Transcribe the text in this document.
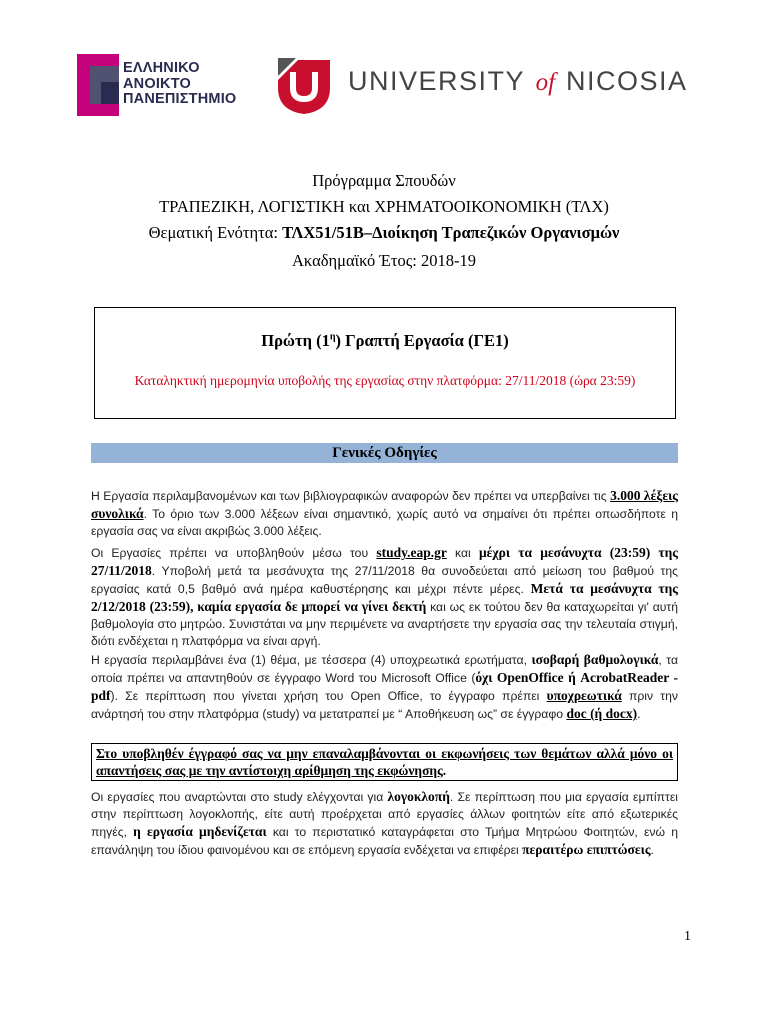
ΕΛΛΗΝΙΚΟ
ΑΝΟΙΚΤΟ
ΠΑΝΕΠΙΣΤΗΜΙΟ
UNIVERSITY of NICOSIA
Πρόγραμμα Σπουδών
ΤΡΑΠΕΖΙΚΗ, ΛΟΓΙΣΤΙΚΗ και ΧΡΗΜΑΤΟΟΙΚΟΝΟΜΙΚΗ (ΤΛΧ)
Θεματική Ενότητα: ΤΛΧ51/51Β–Διοίκηση Τραπεζικών Οργανισμών
Ακαδημαϊκό Έτος: 2018-19
Πρώτη $(1^\eta)$ Γραπτή Εργασία (ΓΕ1)
Καταληκτική ημερομηνία υποβολής της εργασίας στην πλατφόρμα: 27/11/2018 (ώρα 23:59)
Γενικές Οδηγίες
Η Εργασία περιλαμβανομένων και των βιβλιογραφικών αναφορών δεν πρέπει να υπερβαίνει τις 3.000 λέξεις συνολικά. Το όριο των 3.000 λέξεων είναι σημαντικό, χωρίς αυτό να σημαίνει ότι πρέπει οπωσδήποτε η εργασία σας να είναι ακριβώς 3.000 λέξεις.
Οι Εργασίες πρέπει να υποβληθούν μέσω του study.eap.gr και μέχρι τα μεσάνυχτα (23:59) της 27/11/2018. Υποβολή μετά τα μεσάνυχτα της 27/11/2018 θα συνοδεύεται από μείωση του βαθμού της εργασίας κατά 0,5 βαθμό ανά ημέρα καθυστέρησης και μέχρι πέντε μέρες. Μετά τα μεσάνυχτα της 2/12/2018 (23:59), καμία εργασία δε μπορεί να γίνει δεκτή και ως εκ τούτου δεν θα καταχωρείται γι' αυτή βαθμολογία στο μητρώο. Συνιστάται να μην περιμένετε να αναρτήσετε την εργασία σας την τελευταία στιγμή, διότι ενδέχεται η πλατφόρμα να είναι αργή.
Η εργασία περιλαμβάνει ένα (1) θέμα, με τέσσερα (4) υποχρεωτικά ερωτήματα, ισοβαρή βαθμολογικά, τα οποία πρέπει να απαντηθούν σε έγγραφο Word του Microsoft Office (όχι OpenOffice ή AcrobatReader - pdf). Σε περίπτωση που γίνεται χρήση του Open Office, το έγγραφο πρέπει υποχρεωτικά πριν την ανάρτησή του στην πλατφόρμα (study) να μετατραπεί με “ Αποθήκευση ως” σε έγγραφο doc (ή docx).
Στο υποβληθέν έγγραφό σας να μην επαναλαμβάνονται οι εκφωνήσεις των θεμάτων αλλά μόνο οι απαντήσεις σας με την αντίστοιχη αρίθμηση της εκφώνησης.
Οι εργασίες που αναρτώνται στο study ελέγχονται για λογοκλοπή. Σε περίπτωση που μια εργασία εμπίπτει στην περίπτωση λογοκλοπής, είτε αυτή προέρχεται από εργασίες άλλων φοιτητών είτε από εξωτερικές πηγές, η εργασία μηδενίζεται και το περιστατικό καταγράφεται στο Τμήμα Μητρώου Φοιτητών, ενώ η επανάληψη του ίδιου φαινομένου και σε επόμενη εργασία ενδέχεται να επιφέρει περαιτέρω επιπτώσεις.
1
